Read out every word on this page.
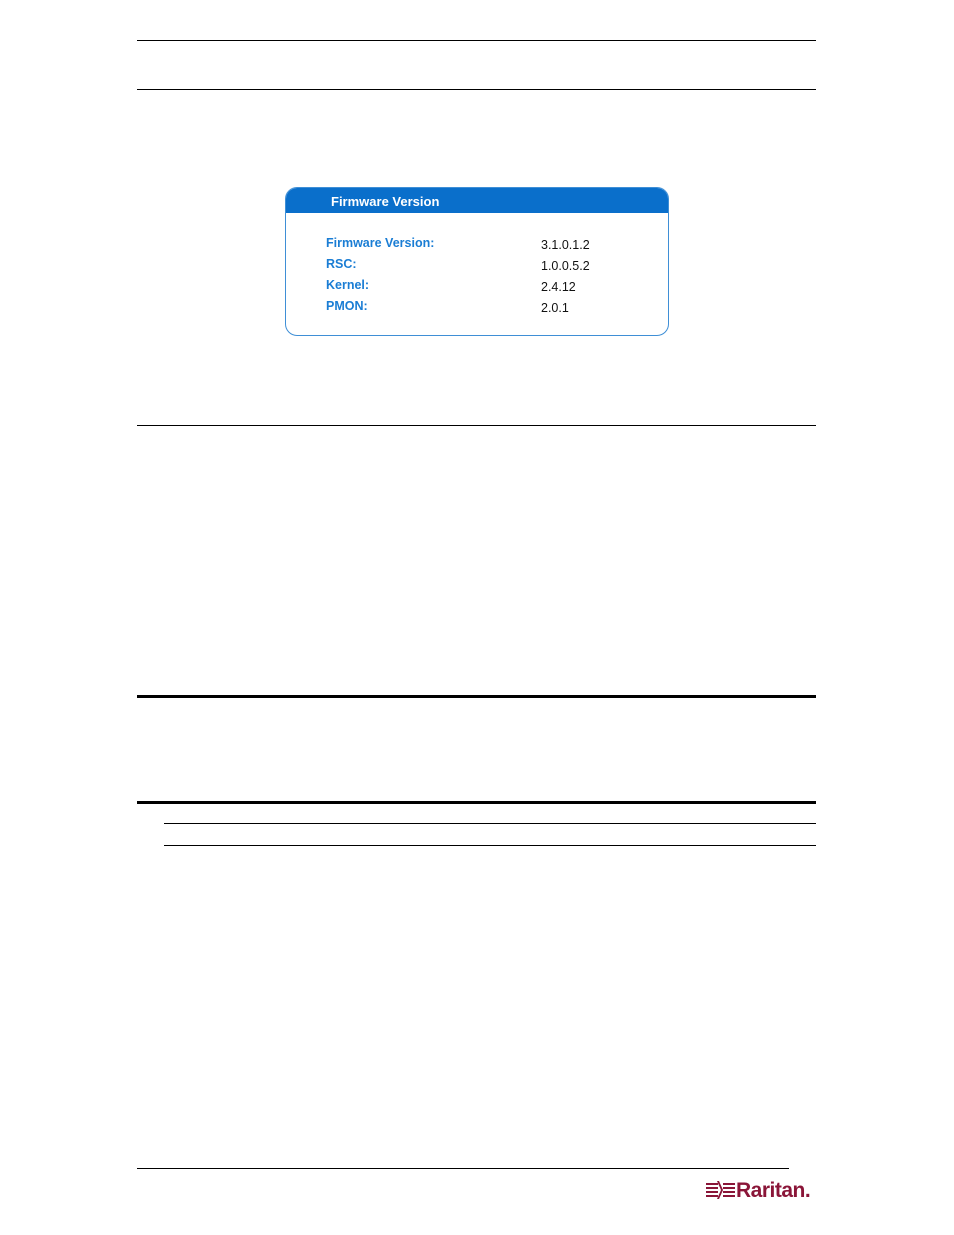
Firmware Version
Firmware Version:	3.1.0.1.2
RSC:	1.0.0.5.2
Kernel:	2.4.12
PMON:	2.0.1
Raritan.
